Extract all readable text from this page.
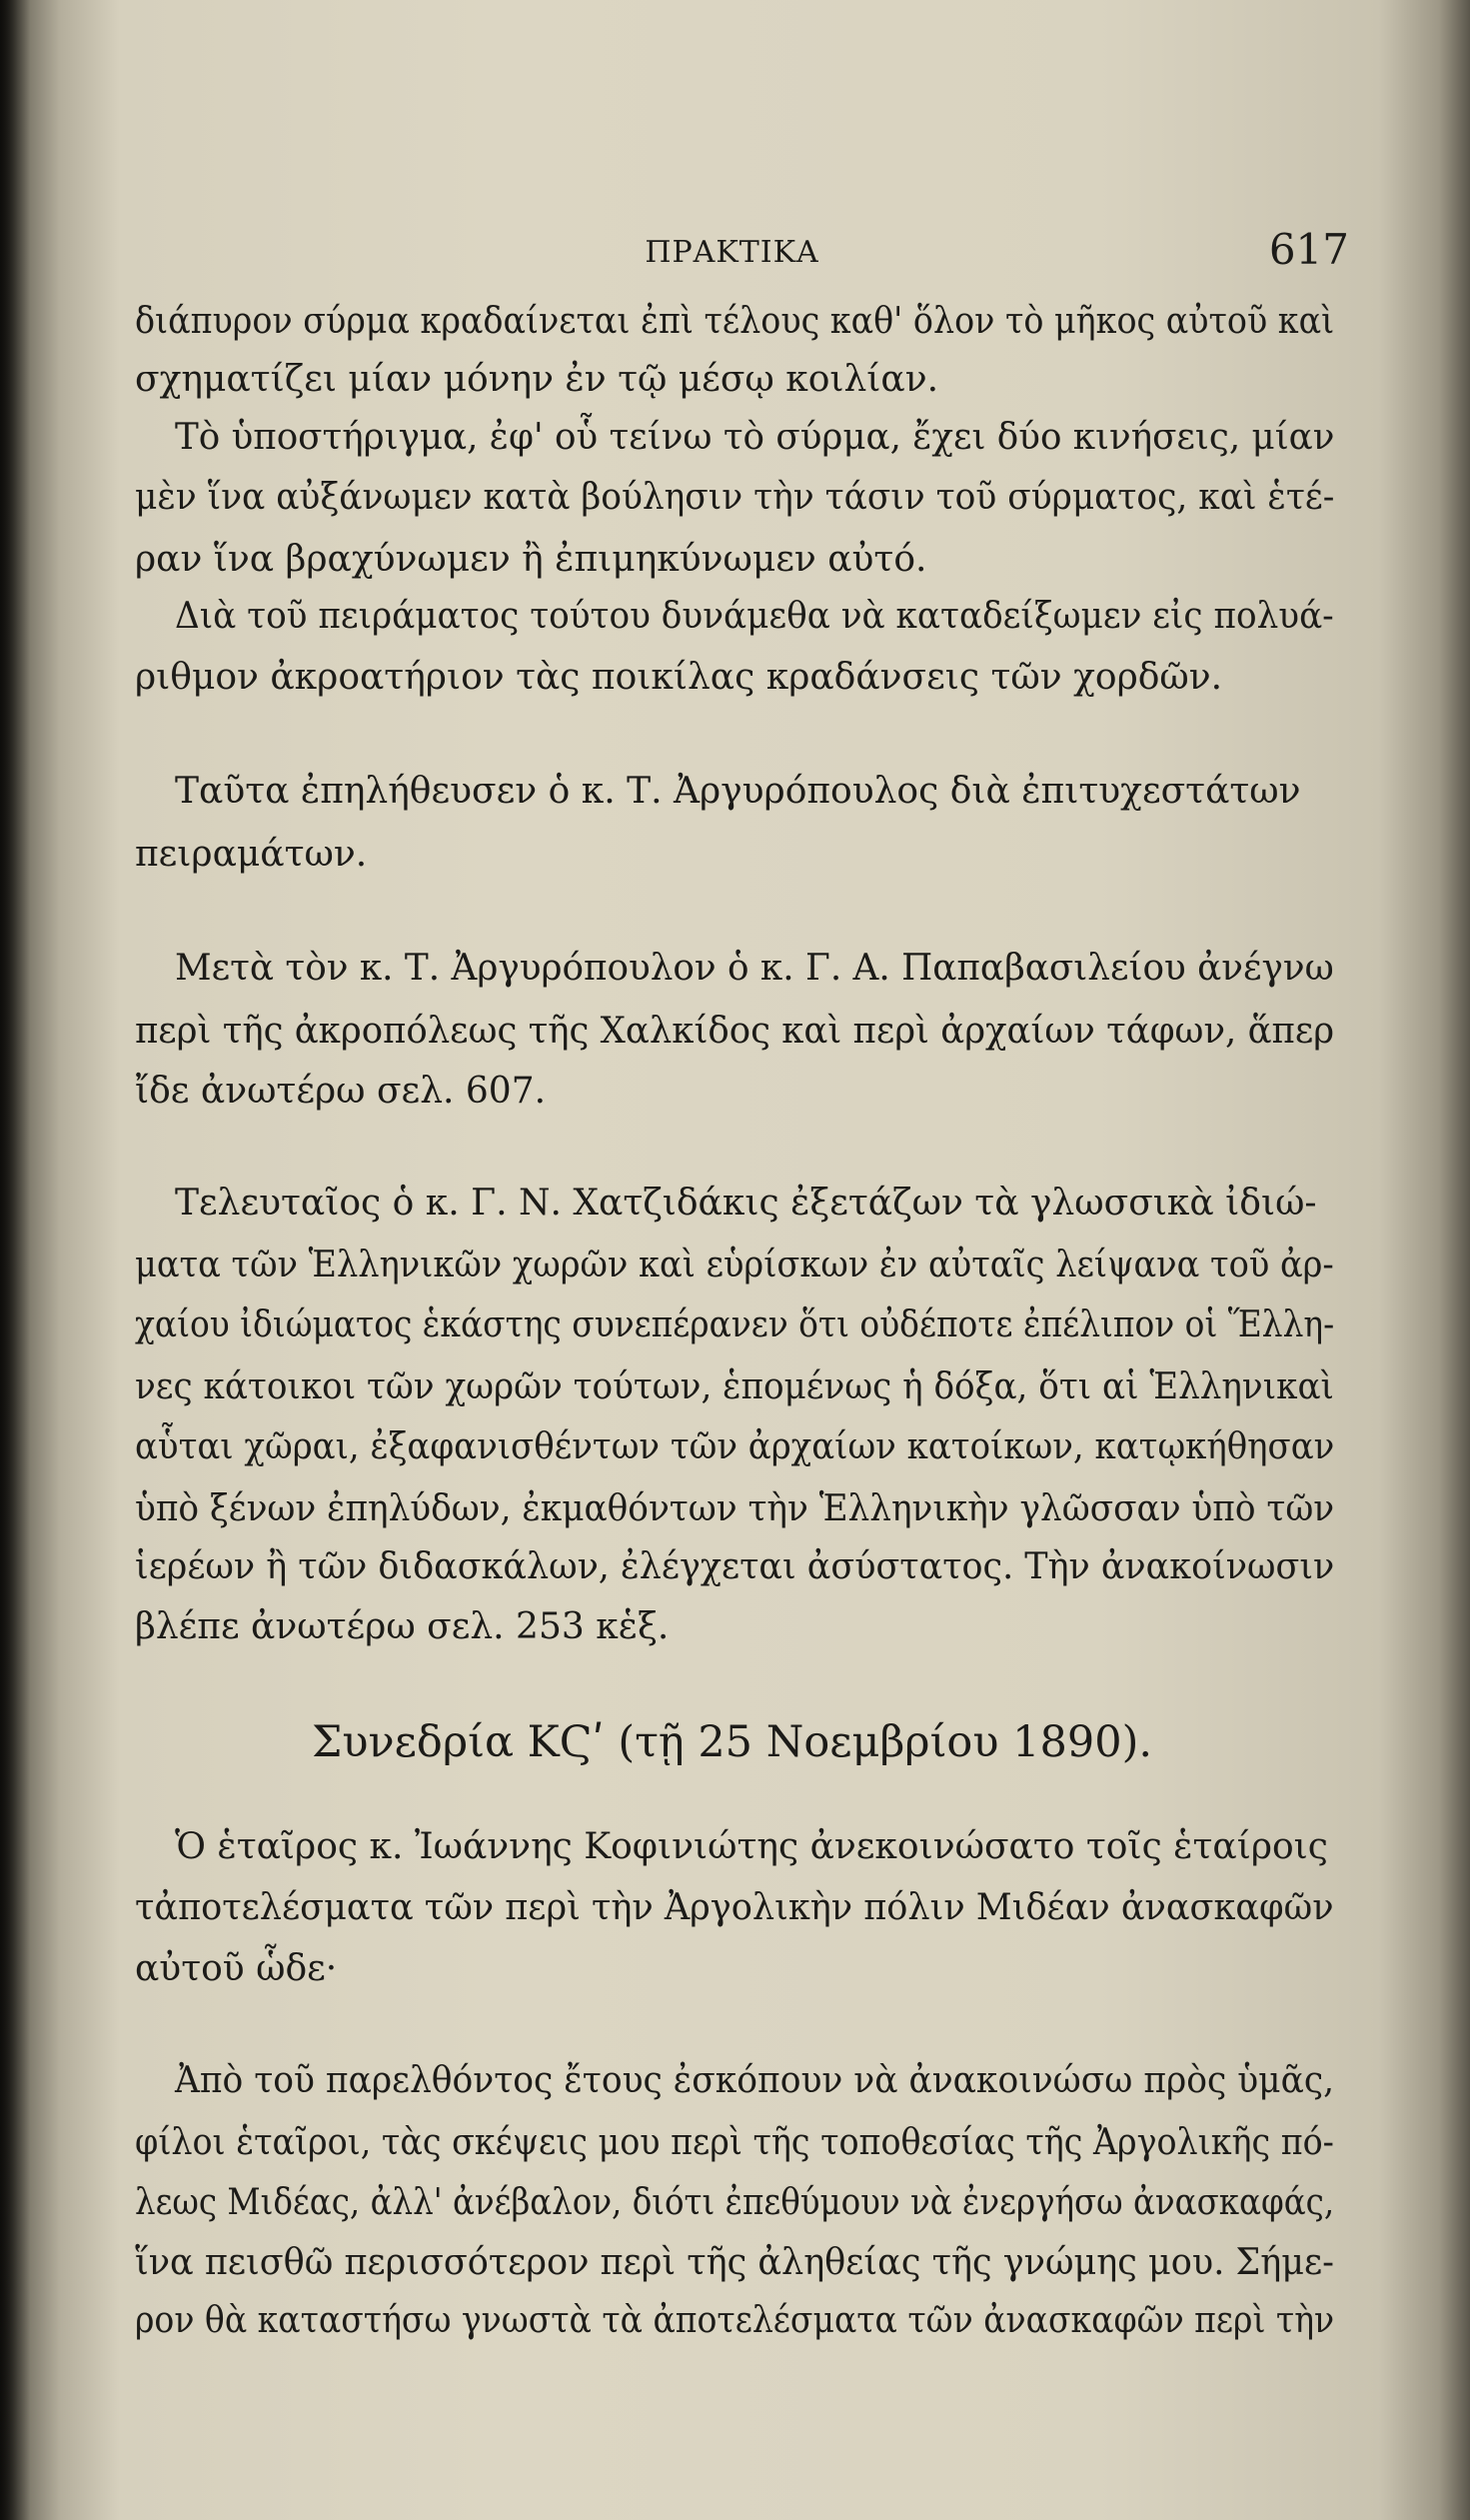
ΠΡΑΚΤΙΚΑ	617
διάπυρον σύρμα κραδαίνεται ἐπὶ τέλους καθ' ὅλον τὸ μῆκος αὐτοῦ καὶ
σχηματίζει μίαν μόνην ἐν τῷ μέσῳ κοιλίαν.
Τὸ ὑποστήριγμα, ἐφ' οὗ τείνω τὸ σύρμα, ἔχει δύο κινήσεις, μίαν
μὲν ἵνα αὐξάνωμεν κατὰ βούλησιν τὴν τάσιν τοῦ σύρματος, καὶ ἑτέ-
ραν ἵνα βραχύνωμεν ἢ ἐπιμηκύνωμεν αὐτό.
Διὰ τοῦ πειράματος τούτου δυνάμεθα νὰ καταδείξωμεν εἰς πολυά-
ριθμον ἀκροατήριον τὰς ποικίλας κραδάνσεις τῶν χορδῶν.
Ταῦτα ἐπηλήθευσεν ὁ κ. Τ. Ἀργυρόπουλος διὰ ἐπιτυχεστάτων
πειραμάτων.
Μετὰ τὸν κ. Τ. Ἀργυρόπουλον ὁ κ. Γ. Α. Παπαβασιλείου ἀνέγνω
περὶ τῆς ἀκροπόλεως τῆς Χαλκίδος καὶ περὶ ἀρχαίων τάφων, ἅπερ
ἴδε ἀνωτέρω σελ. 607.
Τελευταῖος ὁ κ. Γ. Ν. Χατζιδάκις ἐξετάζων τὰ γλωσσικὰ ἰδιώ-
ματα τῶν Ἑλληνικῶν χωρῶν καὶ εὑρίσκων ἐν αὐταῖς λείψανα τοῦ ἀρ-
χαίου ἰδιώματος ἑκάστης συνεπέρανεν ὅτι οὐδέποτε ἐπέλιπον οἱ Ἕλλη-
νες κάτοικοι τῶν χωρῶν τούτων, ἑπομένως ἡ δόξα, ὅτι αἱ Ἑλληνικαὶ
αὗται χῶραι, ἐξαφανισθέντων τῶν ἀρχαίων κατοίκων, κατῳκήθησαν
ὑπὸ ξένων ἐπηλύδων, ἐκμαθόντων τὴν Ἑλληνικὴν γλῶσσαν ὑπὸ τῶν
ἱερέων ἢ τῶν διδασκάλων, ἐλέγχεται ἀσύστατος. Τὴν ἀνακοίνωσιν
βλέπε ἀνωτέρω σελ. 253 κἑξ.
Συνεδρία ΚϚʹ (τῇ 25 Νοεμβρίου 1890).
Ὁ ἑταῖρος κ. Ἰωάννης Κοφινιώτης ἀνεκοινώσατο τοῖς ἑταίροις
τἀποτελέσματα τῶν περὶ τὴν Ἀργολικὴν πόλιν Μιδέαν ἀνασκαφῶν
αὐτοῦ ὧδε·
Ἀπὸ τοῦ παρελθόντος ἔτους ἐσκόπουν νὰ ἀνακοινώσω πρὸς ὑμᾶς,
φίλοι ἑταῖροι, τὰς σκέψεις μου περὶ τῆς τοποθεσίας τῆς Ἀργολικῆς πό-
λεως Μιδέας, ἀλλ' ἀνέβαλον, διότι ἐπεθύμουν νὰ ἐνεργήσω ἀνασκαφάς,
ἵνα πεισθῶ περισσότερον περὶ τῆς ἀληθείας τῆς γνώμης μου. Σήμε-
ρον θὰ καταστήσω γνωστὰ τὰ ἀποτελέσματα τῶν ἀνασκαφῶν περὶ τὴν
